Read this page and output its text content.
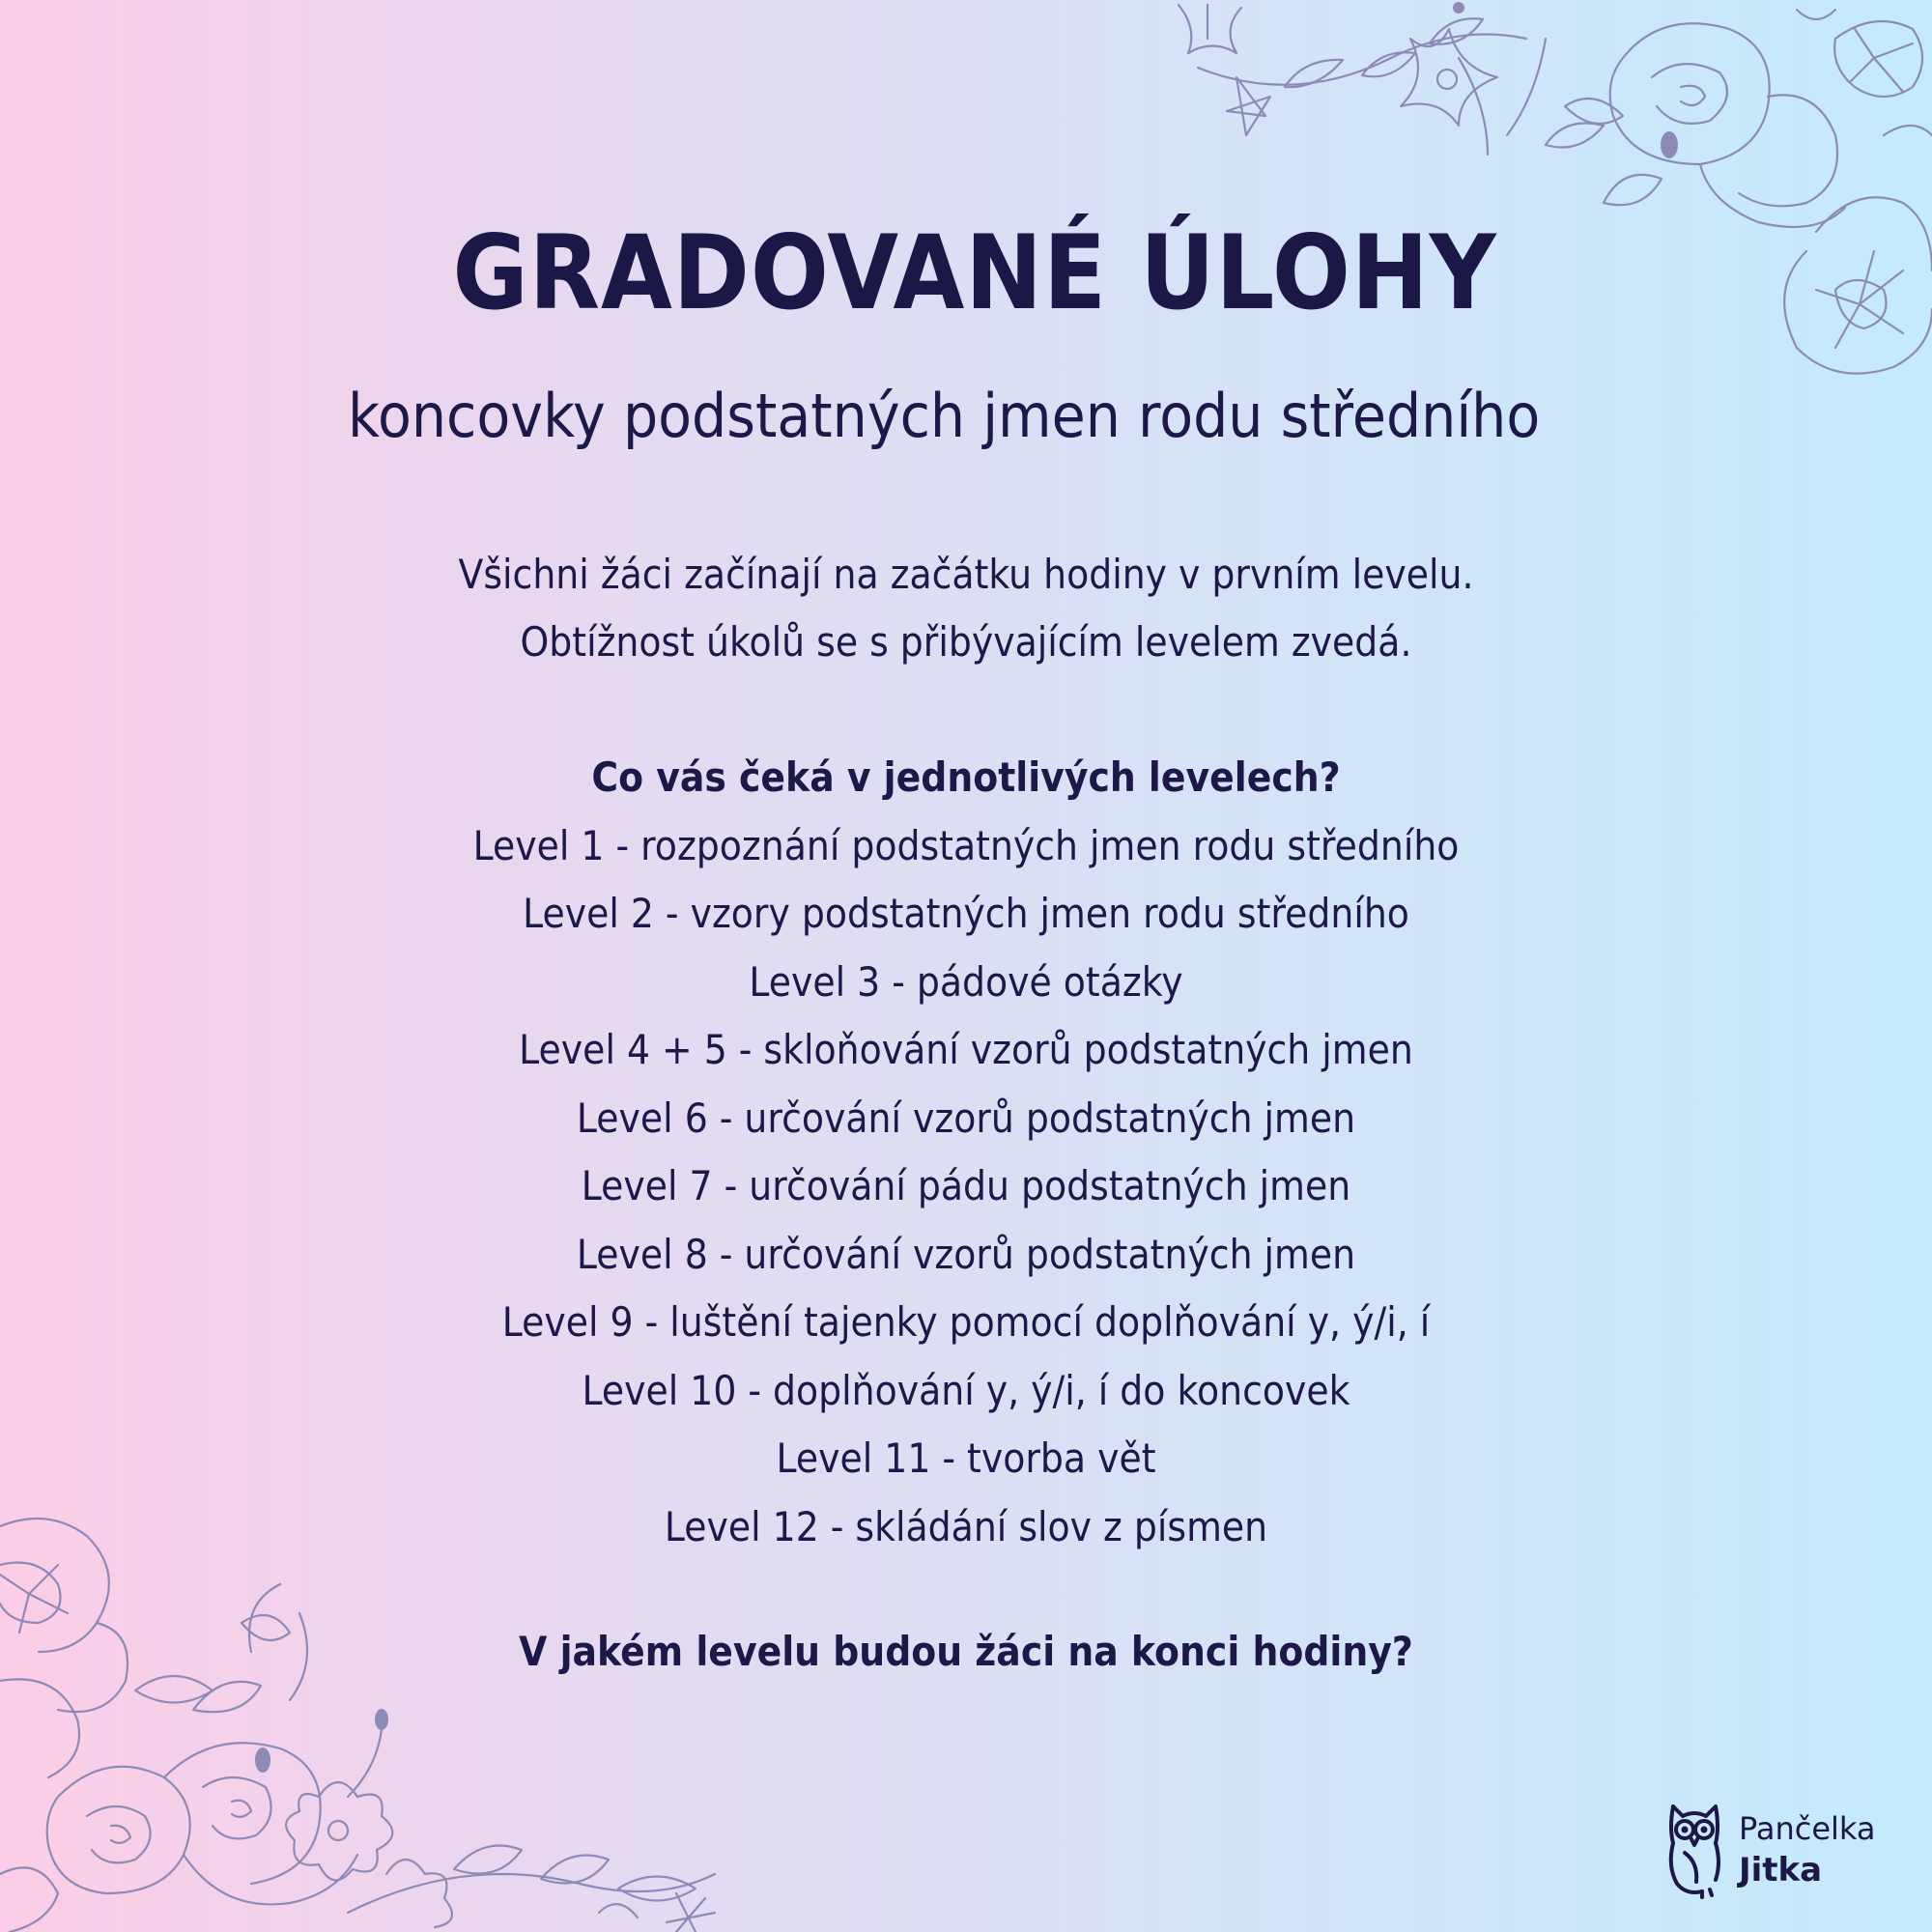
GRADOVANÉ ÚLOHY
koncovky podstatných jmen rodu středního
Všichni žáci začínají na začátku hodiny v prvním levelu.
Obtížnost úkolů se s přibývajícím levelem zvedá.
Co vás čeká v jednotlivých levelech?
Level 1 - rozpoznání podstatných jmen rodu středního
Level 2 - vzory podstatných jmen rodu středního
Level 3 - pádové otázky
Level 4 + 5 - skloňování vzorů podstatných jmen
Level 6 - určování vzorů podstatných jmen
Level 7 - určování pádu podstatných jmen
Level 8 - určování vzorů podstatných jmen
Level 9 - luštění tajenky pomocí doplňování y, ý/i, í
Level 10 - doplňování y, ý/i, í do koncovek
Level 11 - tvorba vět
Level 12 - skládání slov z písmen
V jakém levelu budou žáci na konci hodiny?
Pančelka
Jitka
